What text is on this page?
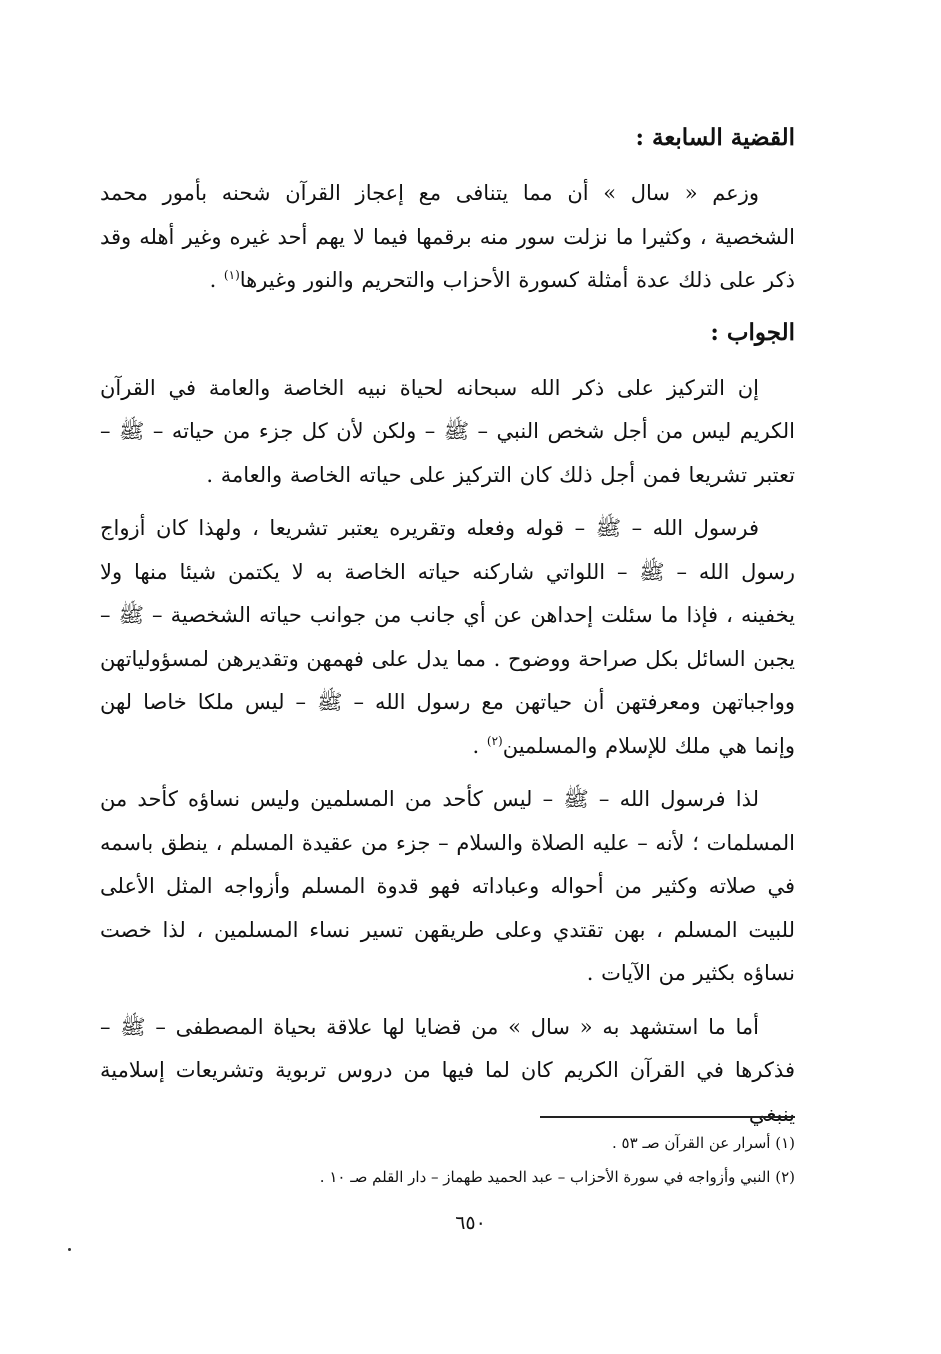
القضية السابعة :

وزعم « سال » أن مما يتنافى مع إعجاز القرآن شحنه بأمور محمد الشخصية ، وكثيرا ما نزلت سور منه برقمها فيما لا يهم أحد غيره وغير أهله وقد ذكر على ذلك عدة أمثلة كسورة الأحزاب والتحريم والنور وغيرها$^{(١)}$ .

الجواب :

إن التركيز على ذكر الله سبحانه لحياة نبيه الخاصة والعامة في القرآن الكريم ليس من أجل شخص النبي – ﷺ – ولكن لأن كل جزء من حياته – ﷺ – تعتبر تشريعا فمن أجل ذلك كان التركيز على حياته الخاصة والعامة .

فرسول الله – ﷺ – قوله وفعله وتقريره يعتبر تشريعا ، ولهذا كان أزواج رسول الله – ﷺ – اللواتي شاركنه حياته الخاصة به لا يكتمن شيئا منها ولا يخفينه ، فإذا ما سئلت إحداهن عن أي جانب من جوانب حياته الشخصية – ﷺ – يجبن السائل بكل صراحة ووضوح . مما يدل على فهمهن وتقديرهن لمسؤولياتهن وواجباتهن ومعرفتهن أن حياتهن مع رسول الله – ﷺ – ليس ملكا خاصا لهن وإنما هي ملك للإسلام والمسلمين$^{(٢)}$ .

لذا فرسول الله – ﷺ – ليس كأحد من المسلمين وليس نساؤه كأحد من المسلمات ؛ لأنه – عليه الصلاة والسلام – جزء من عقيدة المسلم ، ينطق باسمه في صلاته وكثير من أحواله وعباداته فهو قدوة المسلم وأزواجه المثل الأعلى للبيت المسلم ، بهن تقتدي وعلى طريقهن تسير نساء المسلمين ، لذا خصت نساؤه بكثير من الآيات .

أما ما استشهد به « سال » من قضايا لها علاقة بحياة المصطفى – ﷺ – فذكرها في القرآن الكريم كان لما فيها من دروس تربوية وتشريعات إسلامية ينبغي

(١) أسرار عن القرآن صـ ٥٣ .

(٢) النبي وأزواجه في سورة الأحزاب – عبد الحميد طهماز – دار القلم صـ ١٠ .

٦٥٠
